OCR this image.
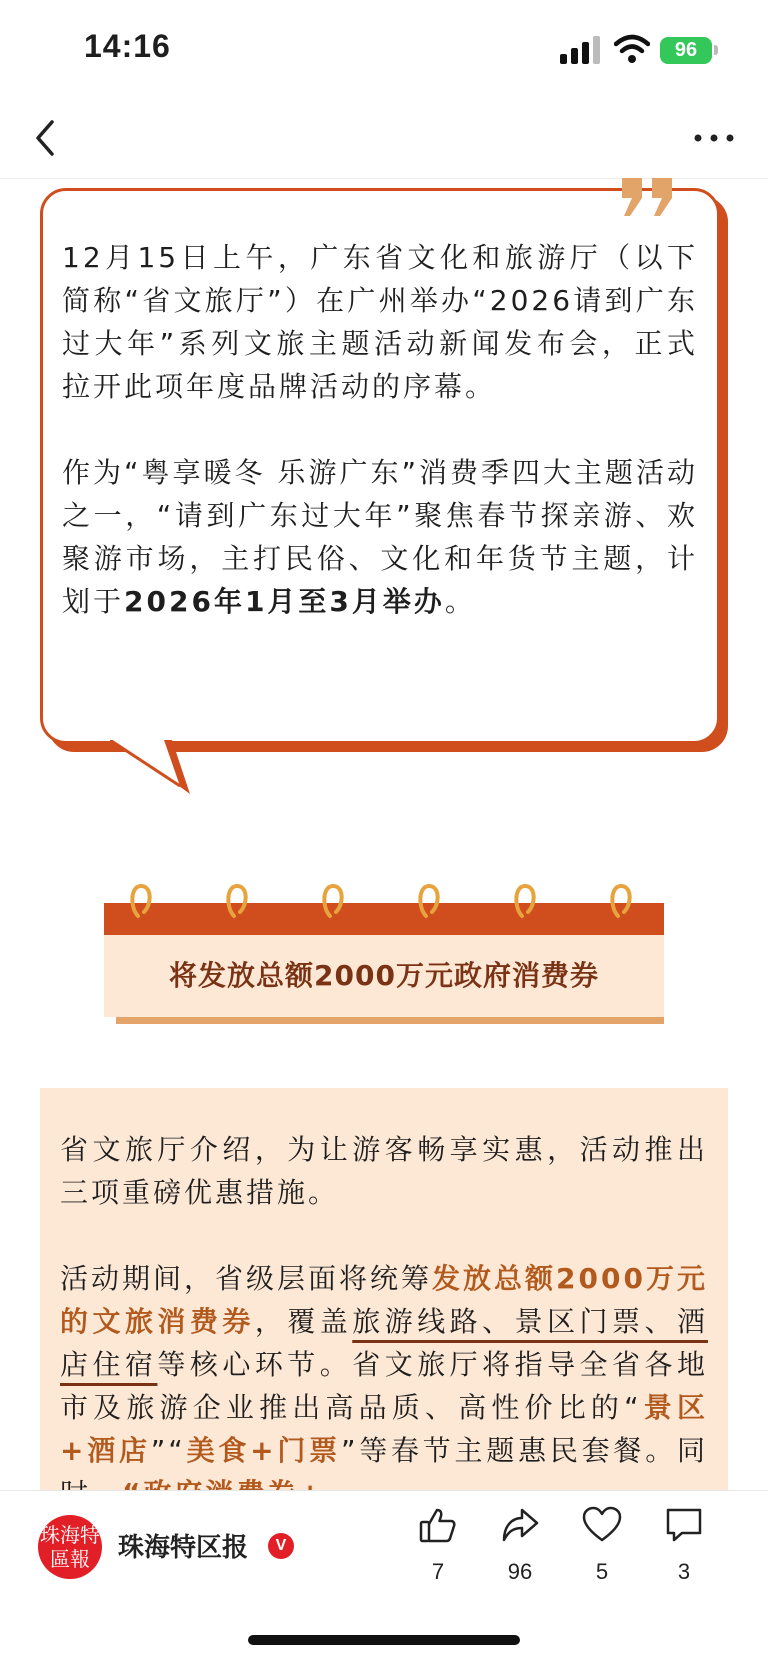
14:16	96

12月15日上午，广东省文化和旅游厅（以下简称“省文旅厅”）在广州举办“2026请到广东过大年”系列文旅主题活动新闻发布会，正式拉开此项年度品牌活动的序幕。

作为“粤享暖冬 乐游广东”消费季四大主题活动之一，“请到广东过大年”聚焦春节探亲游、欢聚游市场，主打民俗、文化和年货节主题，计划于2026年1月至3月举办。

将发放总额2000万元政府消费券

省文旅厅介绍，为让游客畅享实惠，活动推出三项重磅优惠措施。

活动期间，省级层面将统筹发放总额2000万元的文旅消费券，覆盖旅游线路、景区门票、酒店住宿等核心环节。省文旅厅将指导全省各地市及旅游企业推出高品质、高性价比的“景区+酒店”“美食+门票”等春节主题惠民套餐。同

珠海特區報	珠海特区报	V
7	96	5	3
